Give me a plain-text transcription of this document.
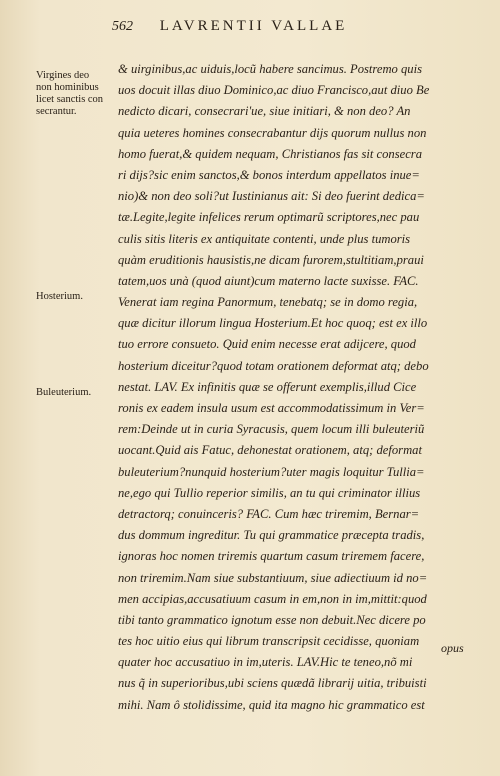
562 LAVRENTII VALLAE
Virgines deo
non hominibus
licet sanctis con
secrantur.
Hosterium.
Buleuterium.
& uirginibus,ac uiduis,locũ habere sancimus. Postremo quis
uos docuit illas diuo Dominico,ac diuo Francisco,aut diuo Be
nedicto dicari, consecrari'ue, siue initiari, & non deo? An
quia ueteres homines consecrabantur dijs quorum nullus non
homo fuerat,& quidem nequam, Christianos fas sit consecra
ri dijs?sic enim sanctos,& bonos interdum appellatos inue=
nio)& non deo soli?ut Iustinianus ait: Si deo fuerint dedica=
tæ.Legite,legite infelices rerum optimarũ scriptores,nec pau
culis sitis literis ex antiquitate contenti, unde plus tumoris
quàm eruditionis hausistis,ne dicam furorem,stultitiam,praui
tatem,uos unà (quod aiunt)cum materno lacte suxisse. FAC.
Venerat iam regina Panormum, tenebatq; se in domo regia,
quæ dicitur illorum lingua Hosterium.Et hoc quoq; est ex illo
tuo errore consueto. Quid enim necesse erat adijcere, quod
hosterium diceitur?quod totam orationem deformat atq; debo
nestat. LAV. Ex infinitis quæ se offerunt exemplis,illud Cice
ronis ex eadem insula usum est accommodatissimum in Ver=
rem:Deinde ut in curia Syracusis, quem locum illi buleuteriũ
uocant.Quid ais Fatuc, dehonestat orationem, atq; deformat
buleuterium?nunquid hosterium?uter magis loquitur Tullia=
ne,ego qui Tullio reperior similis, an tu qui criminator illius
detractorq; conuinceris? FAC. Cum hæc triremim, Bernar=
dus dommum ingreditur. Tu qui grammatice præcepta tradis,
ignoras hoc nomen triremis quartum casum triremem facere,
non triremim.Nam siue substantiuum, siue adiectiuum id no=
men accipias,accusatiuum casum in em,non in im,mittit:quod
tibi tanto grammatico ignotum esse non debuit.Nec dicere po
tes hoc uitio eius qui librum transcripsit cecidisse, quoniam
quater hoc accusatiuo in im,uteris. LAV.Hic te teneo,nõ mi
nus q̃ in superioribus,ubi sciens quædã librarij uitia, tribuisti
mihi. Nam ô stolidissime, quid ita magno hic grammatico est
opus
